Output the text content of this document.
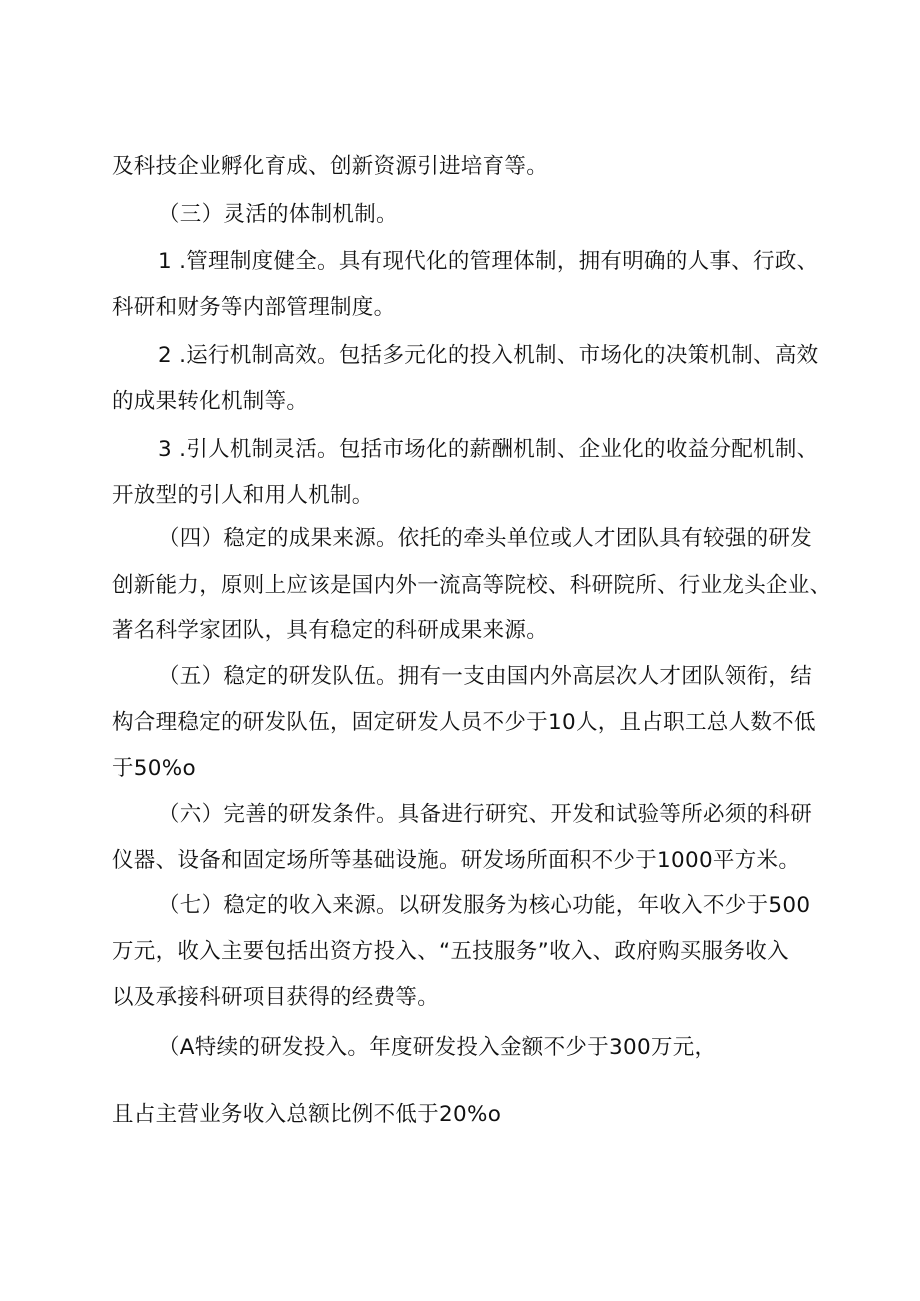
及科技企业孵化育成、创新资源引进培育等。

（三）灵活的体制机制。

1 .管理制度健全。具有现代化的管理体制，拥有明确的人事、行政、

科研和财务等内部管理制度。

2 .运行机制高效。包括多元化的投入机制、市场化的决策机制、高效

的成果转化机制等。

3 .引人机制灵活。包括市场化的薪酬机制、企业化的收益分配机制、

开放型的引人和用人机制。

（四）稳定的成果来源。依托的牵头单位或人才团队具有较强的研发

创新能力，原则上应该是国内外一流高等院校、科研院所、行业龙头企业、

著名科学家团队，具有稳定的科研成果来源。

（五）稳定的研发队伍。拥有一支由国内外高层次人才团队领衔，结

构合理稳定的研发队伍，固定研发人员不少于10人，且占职工总人数不低

于50%o

（六）完善的研发条件。具备进行研究、开发和试验等所必须的科研

仪器、设备和固定场所等基础设施。研发场所面积不少于1000平方米。

（七）稳定的收入来源。以研发服务为核心功能，年收入不少于500

万元，收入主要包括出资方投入、“五技服务”收入、政府购买服务收入

以及承接科研项目获得的经费等。

（A特续的研发投入。年度研发投入金额不少于300万元，

且占主营业务收入总额比例不低于20%o
